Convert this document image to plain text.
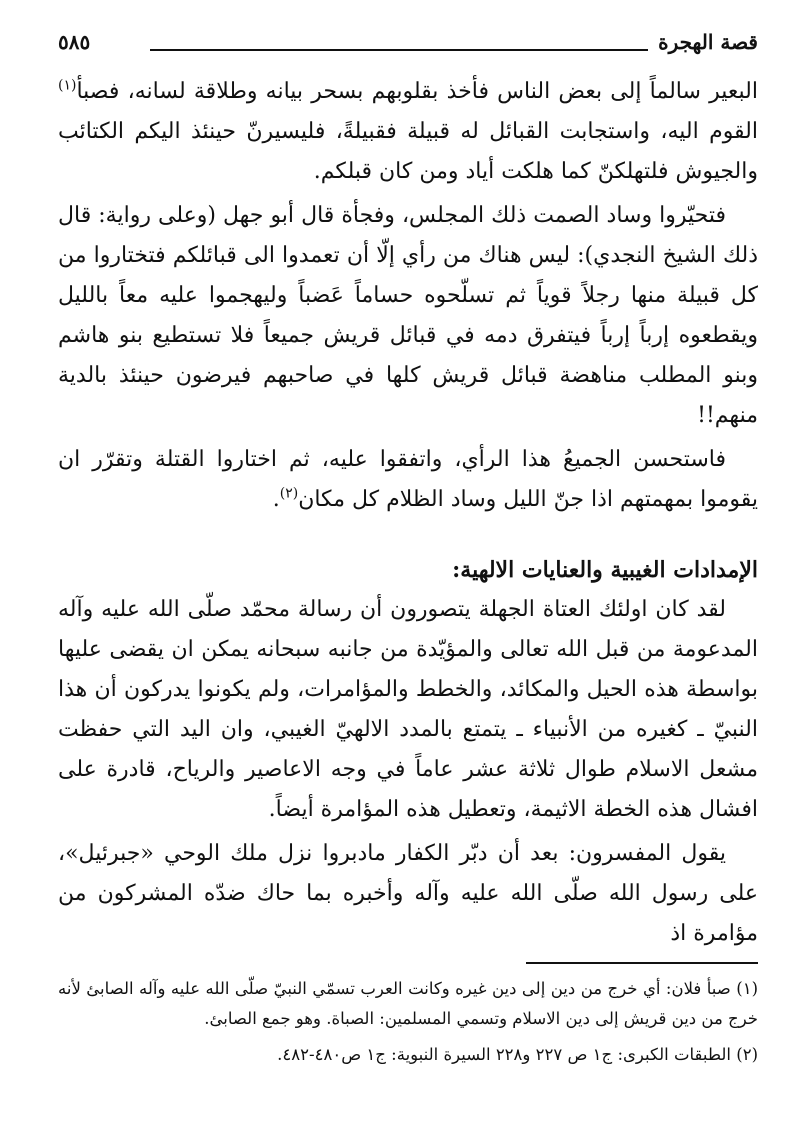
قصة الهجرة
٥٨٥

البعير سالماً إلى بعض الناس فأخذ بقلوبهم بسحر بيانه وطلاقة لسانه، فصبأ$^{(١)}$ القوم اليه، واستجابت القبائل له قبيلة فقبيلةً، فليسيرنّ حينئذ اليكم الكتائب والجيوش فلتهلكنّ كما هلكت أياد ومن كان قبلكم.

فتحيّروا وساد الصمت ذلك المجلس، وفجأة قال أبو جهل (وعلى رواية: قال ذلك الشيخ النجدي): ليس هناك من رأي إلّا أن تعمدوا الى قبائلكم فتختاروا من كل قبيلة منها رجلاً قوياً ثم تسلّحوه حساماً عَضباً وليهجموا عليه معاً بالليل ويقطعوه إرباً إرباً فيتفرق دمه في قبائل قريش جميعاً فلا تستطيع بنو هاشم وبنو المطلب مناهضة قبائل قريش كلها في صاحبهم فيرضون حينئذ بالدية منهم!!

فاستحسن الجميعُ هذا الرأي، واتفقوا عليه، ثم اختاروا القتلة وتقرّر ان يقوموا بمهمتهم اذا جنّ الليل وساد الظلام كل مكان$^{(٢)}$.

الإمدادات الغيبية والعنايات الالهية:

لقد كان اولئك العتاة الجهلة يتصورون أن رسالة محمّد صلّى الله عليه وآله المدعومة من قبل الله تعالى والمؤيّدة من جانبه سبحانه يمكن ان يقضى عليها بواسطة هذه الحيل والمكائد، والخطط والمؤامرات، ولم يكونوا يدركون أن هذا النبيّ ـ كغيره من الأنبياء ـ يتمتع بالمدد الالهيّ الغيبي، وان اليد التي حفظت مشعل الاسلام طوال ثلاثة عشر عاماً في وجه الاعاصير والرياح، قادرة على افشال هذه الخطة الاثيمة، وتعطيل هذه المؤامرة أيضاً.

يقول المفسرون: بعد أن دبّر الكفار مادبروا نزل ملك الوحي «جبرئيل»، على رسول الله صلّى الله عليه وآله وأخبره بما حاك ضدّه المشركون من مؤامرة اذ

(١) صبأ فلان: أي خرج من دين إلى دين غيره وكانت العرب تسمّي النبيّ صلّى الله عليه وآله الصابئ لأنه خرج من دين قريش إلى دين الاسلام وتسمي المسلمين: الصباة. وهو جمع الصابئ.

(٢) الطبقات الكبرى: ج١ ص ٢٢٧ و٢٢٨ السيرة النبوية: ج١ ص٤٨٠-٤٨٢.
